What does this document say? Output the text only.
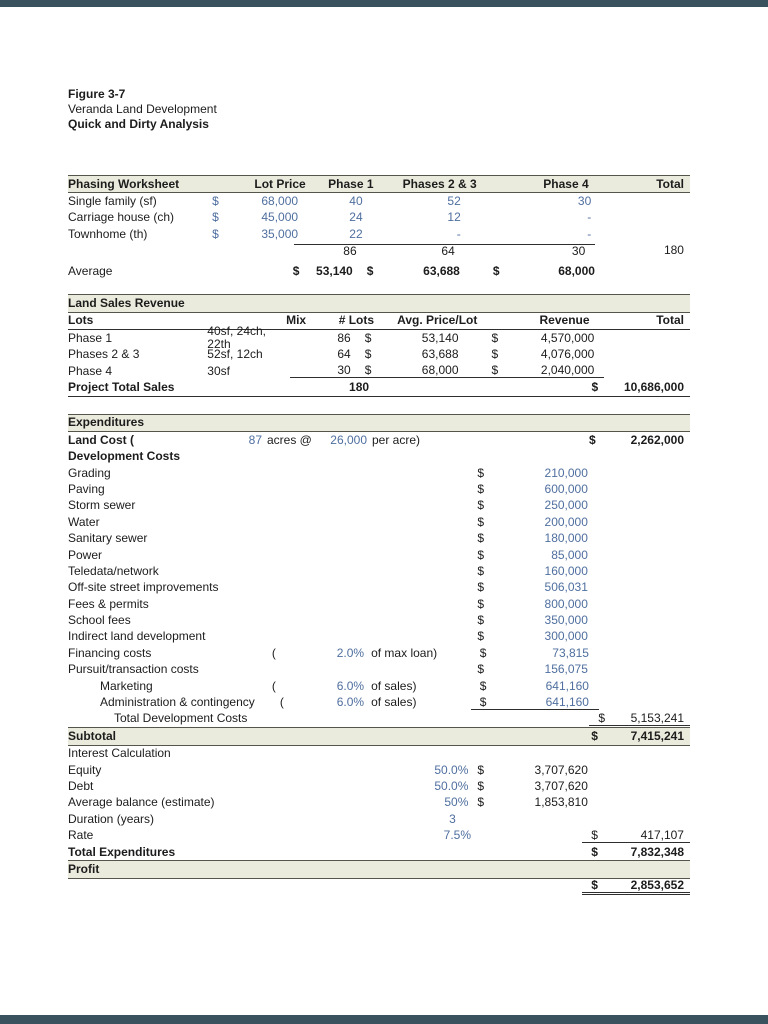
Figure 3-7
Veranda Land Development
Quick and Dirty Analysis
Phasing Worksheet	Lot Price	Phase 1	Phases 2 & 3	Phase 4	Total
Single family (sf)	$	68,000	40	52	30
Carriage house (ch)	$	45,000	24	12	-
Townhome (th)	$	35,000	22	-	-
86	64	30	180
Average	$ 53,140 $	63,688	$	68,000
Land Sales Revenue
Lots	Mix	# Lots	Avg. Price/Lot	Revenue	Total
Phase 1	40sf, 24ch, 22th	86 $	53,140	$	4,570,000
Phases 2 & 3	52sf, 12ch	64 $	63,688	$	4,076,000
Phase 4	30sf	30 $	68,000	$	2,040,000
Project Total Sales	180	$ 10,686,000
Expenditures
Land Cost (	87 acres @	26,000 per acre)	$	2,262,000
Development Costs
Grading	$	210,000
Paving	$	600,000
Storm sewer	$	250,000
Water	$	200,000
Sanitary sewer	$	180,000
Power	$	85,000
Teledata/network	$	160,000
Off-site street improvements	$	506,031
Fees & permits	$	800,000
School fees	$	350,000
Indirect land development	$	300,000
Financing costs	(	2.0% of max loan)	$	73,815
Pursuit/transaction costs	$	156,075
Marketing	(	6.0% of sales)	$	641,160
Administration & contingency (	6.0% of sales)	$	641,160
Total Development Costs	$ 5,153,241
Subtotal	$	7,415,241
Interest Calculation
Equity	50.0% $	3,707,620
Debt	50.0% $	3,707,620
Average balance (estimate)	50% $	1,853,810
Duration (years)	3
Rate	7.5%	$	417,107
Total Expenditures	$	7,832,348
Profit
$	2,853,652
